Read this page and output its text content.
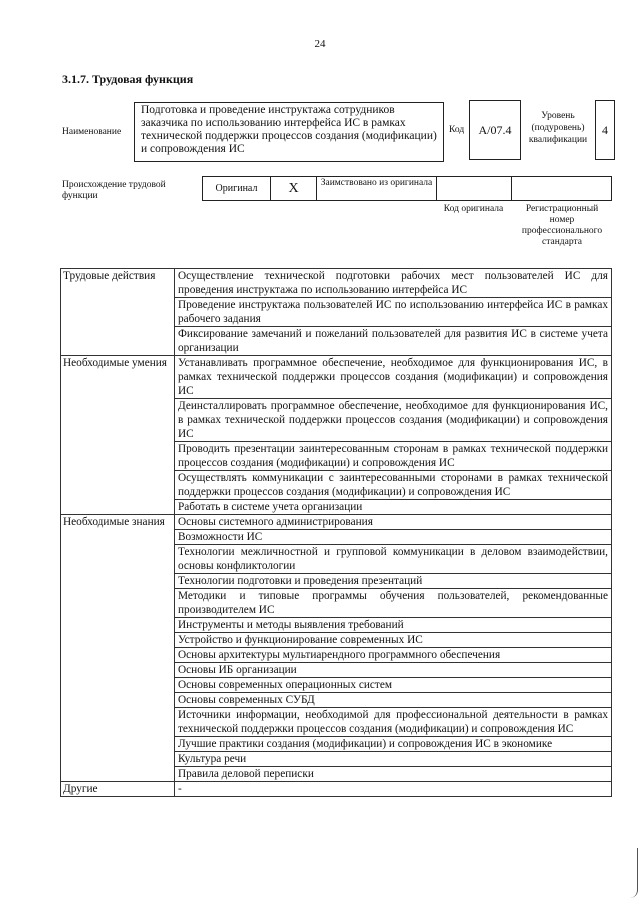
24
3.1.7. Трудовая функция
Наименование
Подготовка и проведение инструктажа сотрудников заказчика по использованию интерфейса ИС в рамках технической поддержки процессов создания (модификации) и сопровождения ИС
Код	A/07.4
Уровень (подуровень) квалификации
4
Происхождение трудовой функции
Оригинал	X	Заимствовано из оригинала
Код оригинала	Регистрационный номер профессионального стандарта
Трудовые действия	Осуществление технической подготовки рабочих мест пользователей ИС для проведения инструктажа по использованию интерфейса ИС
	Проведение инструктажа пользователей ИС по использованию интерфейса ИС в рамках рабочего задания
	Фиксирование замечаний и пожеланий пользователей для развития ИС в системе учета организации
Необходимые умения	Устанавливать программное обеспечение, необходимое для функционирования ИС, в рамках технической поддержки процессов создания (модификации) и сопровождения ИС
	Деинсталлировать программное обеспечение, необходимое для функционирования ИС, в рамках технической поддержки процессов создания (модификации) и сопровождения ИС
	Проводить презентации заинтересованным сторонам в рамках технической поддержки процессов создания (модификации) и сопровождения ИС
	Осуществлять коммуникации с заинтересованными сторонами в рамках технической поддержки процессов создания (модификации) и сопровождения ИС
	Работать в системе учета организации
Необходимые знания	Основы системного администрирования
	Возможности ИС
	Технологии межличностной и групповой коммуникации в деловом взаимодействии, основы конфликтологии
	Технологии подготовки и проведения презентаций
	Методики и типовые программы обучения пользователей, рекомендованные производителем ИС
	Инструменты и методы выявления требований
	Устройство и функционирование современных ИС
	Основы архитектуры мультиарендного программного обеспечения
	Основы ИБ организации
	Основы современных операционных систем
	Основы современных СУБД
	Источники информации, необходимой для профессиональной деятельности в рамках технической поддержки процессов создания (модификации) и сопровождения ИС
	Лучшие практики создания (модификации) и сопровождения ИС в экономике
	Культура речи
	Правила деловой переписки
Другие	-
